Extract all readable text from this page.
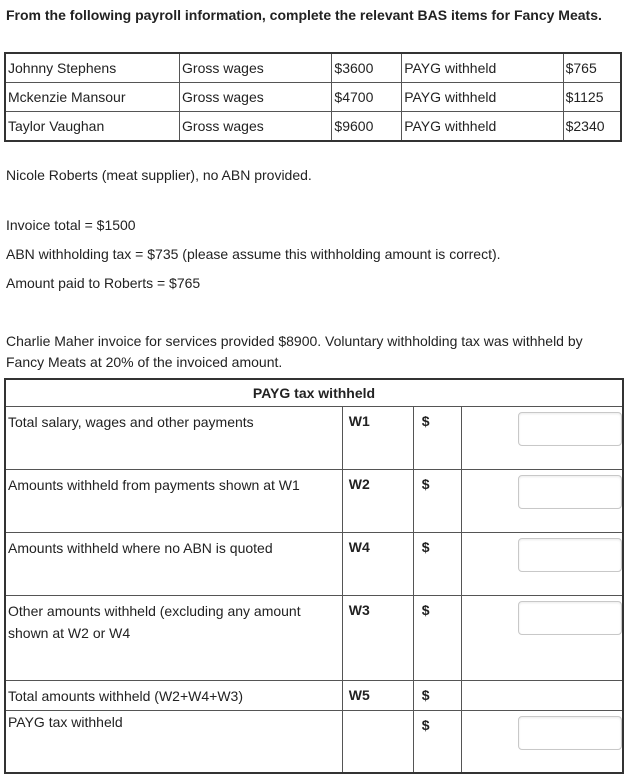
From the following payroll information, complete the relevant BAS items for Fancy Meats.

Johnny Stephens	Gross wages	$3600	PAYG withheld	$765
Mckenzie Mansour	Gross wages	$4700	PAYG withheld	$1125
Taylor Vaughan	Gross wages	$9600	PAYG withheld	$2340

Nicole Roberts (meat supplier), no ABN provided.

Invoice total = $1500

ABN withholding tax = $735 (please assume this withholding amount is correct).

Amount paid to Roberts = $765

Charlie Maher invoice for services provided $8900. Voluntary withholding tax was withheld by Fancy Meats at 20% of the invoiced amount.

PAYG tax withheld			
Total salary, wages and other payments	W1	$	

Amounts withheld from payments shown at W1	W2	$	

Amounts withheld where no ABN is quoted	W4	$	

Other amounts withheld (excluding any amount shown at W2 or W4	W3	$	

Total amounts withheld (W2+W4+W3)	W5	$	
PAYG tax withheld		$	
